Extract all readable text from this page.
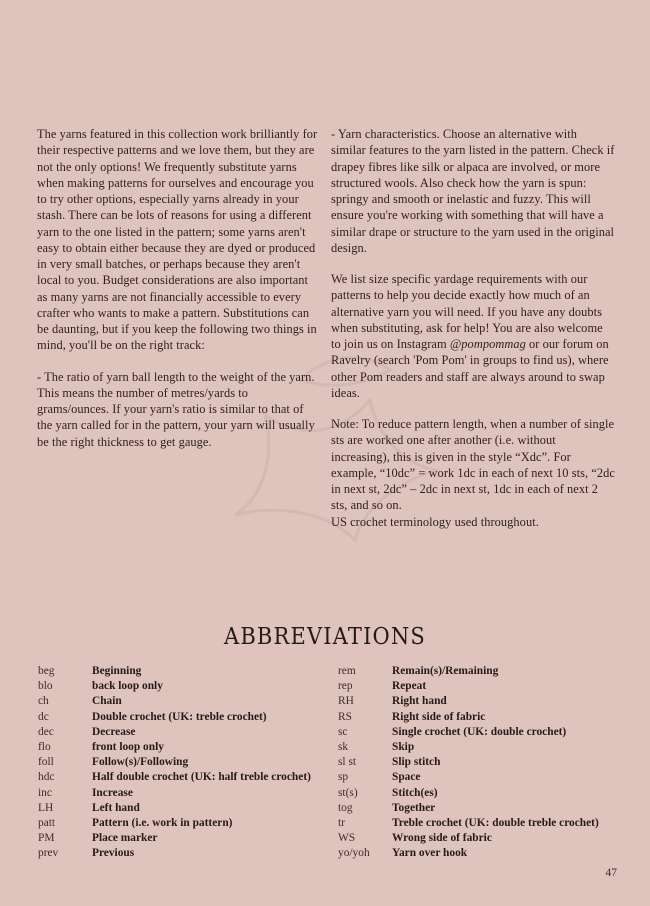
The yarns featured in this collection work brilliantly for their respective patterns and we love them, but they are not the only options! We frequently substitute yarns when making patterns for ourselves and encourage you to try other options, especially yarns already in your stash. There can be lots of reasons for using a different yarn to the one listed in the pattern; some yarns aren't easy to obtain either because they are dyed or produced in very small batches, or perhaps because they aren't local to you. Budget considerations are also important as many yarns are not financially accessible to every crafter who wants to make a pattern. Substitutions can be daunting, but if you keep the following two things in mind, you'll be on the right track:

- The ratio of yarn ball length to the weight of the yarn. This means the number of metres/yards to grams/ounces. If your yarn's ratio is similar to that of the yarn called for in the pattern, your yarn will usually be the right thickness to get gauge.

- Yarn characteristics. Choose an alternative with similar features to the yarn listed in the pattern. Check if drapey fibres like silk or alpaca are involved, or more structured wools. Also check how the yarn is spun: springy and smooth or inelastic and fuzzy. This will ensure you're working with something that will have a similar drape or structure to the yarn used in the original design.

We list size specific yardage requirements with our patterns to help you decide exactly how much of an alternative yarn you will need. If you have any doubts when substituting, ask for help! You are also welcome to join us on Instagram @pompommag or our forum on Ravelry (search 'Pom Pom' in groups to find us), where other Pom readers and staff are always around to swap ideas.

Note: To reduce pattern length, when a number of single sts are worked one after another (i.e. without increasing), this is given in the style “Xdc”. For example, “10dc” = work 1dc in each of next 10 sts, “2dc in next st, 2dc” – 2dc in next st, 1dc in each of next 2 sts, and so on.

US crochet terminology used throughout.

ABBREVIATIONS
beg	Beginning
blo	back loop only
ch	Chain
dc	Double crochet (UK: treble crochet)
dec	Decrease
flo	front loop only
foll	Follow(s)/Following
hdc	Half double crochet (UK: half treble crochet)
inc	Increase
LH	Left hand
patt	Pattern (i.e. work in pattern)
PM	Place marker
prev	Previous
rem	Remain(s)/Remaining
rep	Repeat
RH	Right hand
RS	Right side of fabric
sc	Single crochet (UK: double crochet)
sk	Skip
sl st	Slip stitch
sp	Space
st(s)	Stitch(es)
tog	Together
tr	Treble crochet (UK: double treble crochet)
WS	Wrong side of fabric
yo/yoh	Yarn over hook
47
